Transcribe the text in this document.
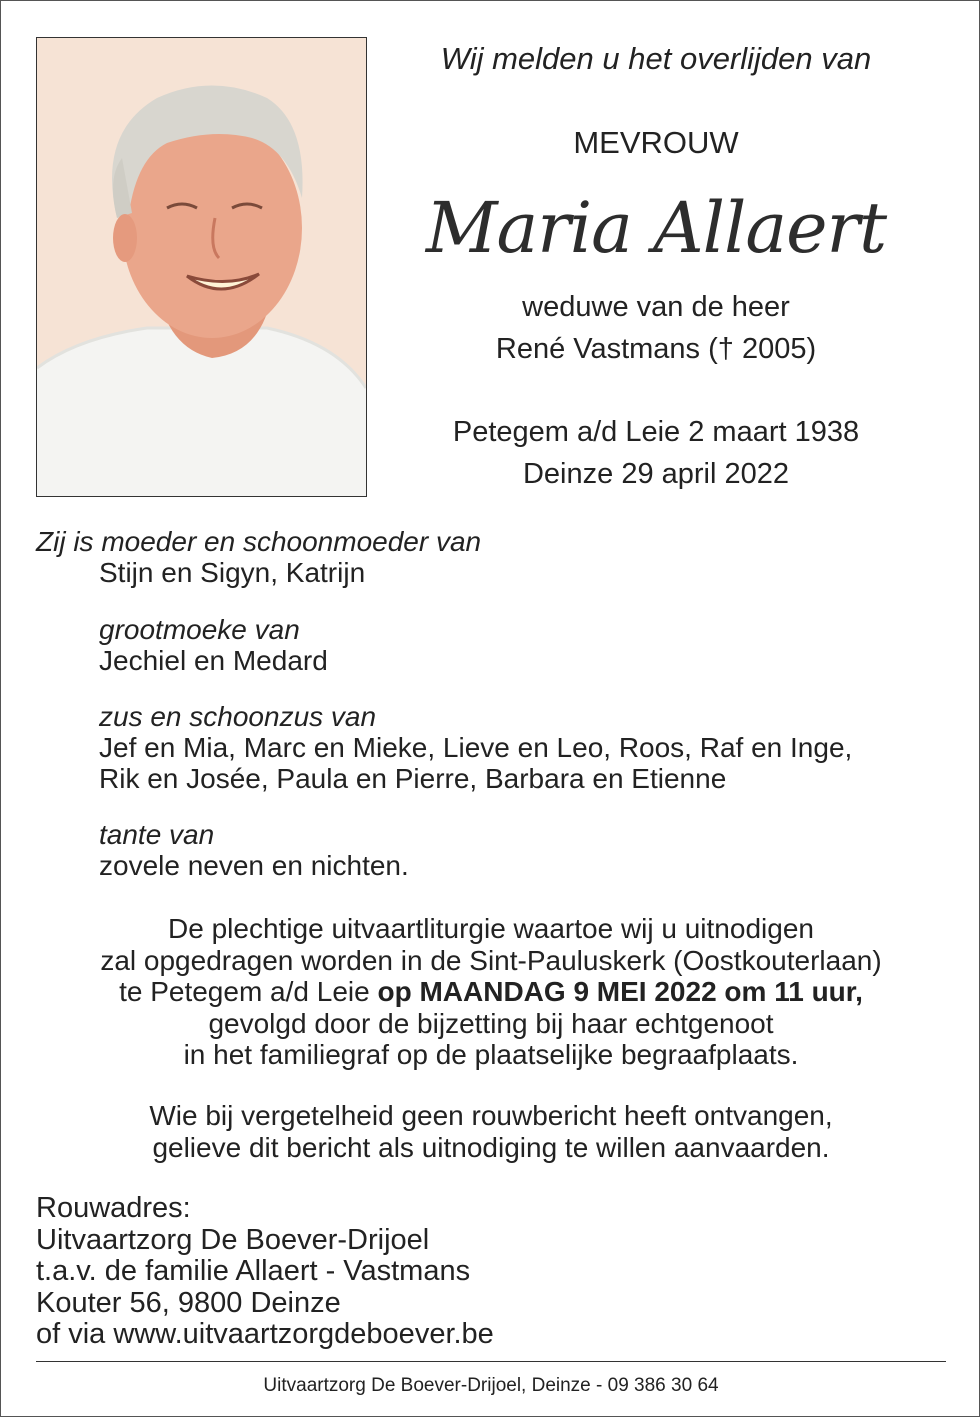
Wij melden u het overlijden van
MEVROUW
Maria Allaert
weduwe van de heer
René Vastmans († 2005)
Petegem a/d Leie 2 maart 1938
Deinze 29 april 2022
Zij is moeder en schoonmoeder van
Stijn en Sigyn, Katrijn
grootmoeke van
Jechiel en Medard
zus en schoonzus van
Jef en Mia, Marc en Mieke, Lieve en Leo, Roos, Raf en Inge,
Rik en Josée, Paula en Pierre, Barbara en Etienne
tante van
zovele neven en nichten.
De plechtige uitvaartliturgie waartoe wij u uitnodigen
zal opgedragen worden in de Sint-Pauluskerk (Oostkouterlaan)
te Petegem a/d Leie op MAANDAG 9 MEI 2022 om 11 uur,
gevolgd door de bijzetting bij haar echtgenoot
in het familiegraf op de plaatselijke begraafplaats.
Wie bij vergetelheid geen rouwbericht heeft ontvangen,
gelieve dit bericht als uitnodiging te willen aanvaarden.
Rouwadres:
Uitvaartzorg De Boever-Drijoel
t.a.v. de familie Allaert - Vastmans
Kouter 56, 9800 Deinze
of via www.uitvaartzorgdeboever.be
Uitvaartzorg De Boever-Drijoel, Deinze - 09 386 30 64
